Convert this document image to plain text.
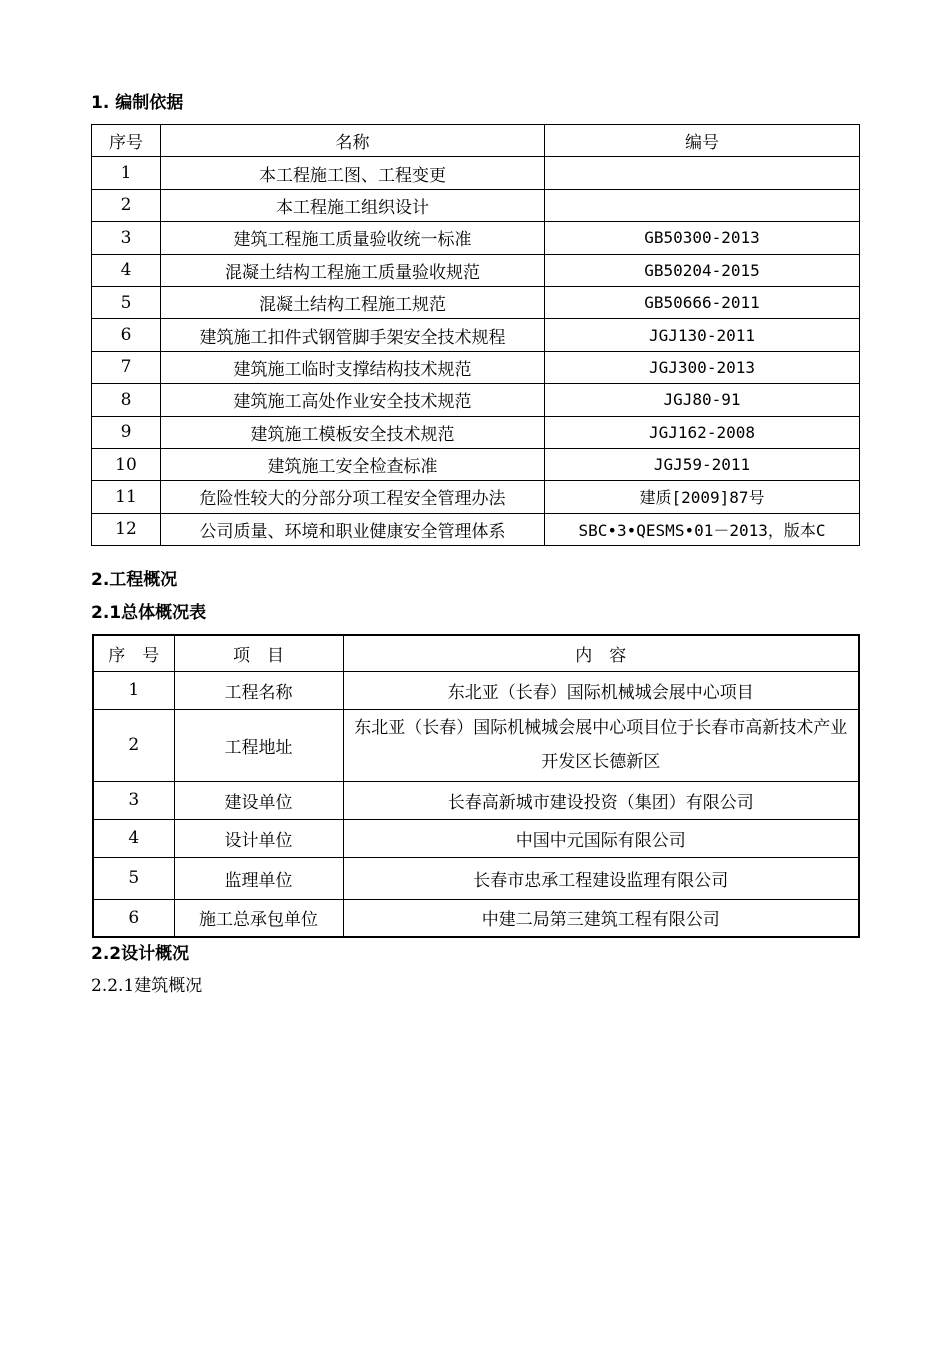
1. 编制依据
序号	名称	编号
1	本工程施工图、工程变更	
2	本工程施工组织设计	
3	建筑工程施工质量验收统一标准	GB50300-2013
4	混凝土结构工程施工质量验收规范	GB50204-2015
5	混凝土结构工程施工规范	GB50666-2011
6	建筑施工扣件式钢管脚手架安全技术规程	JGJ130-2011
7	建筑施工临时支撑结构技术规范	JGJ300-2013
8	建筑施工高处作业安全技术规范	JGJ80-91
9	建筑施工模板安全技术规范	JGJ162-2008
10	建筑施工安全检查标准	JGJ59-2011
11	危险性较大的分部分项工程安全管理办法	建质[2009]87号
12	公司质量、环境和职业健康安全管理体系	SBC•3•QESMS•01－2013，版本C
2.工程概况
2.1总体概况表
序　号	项　目	内　容
1	工程名称	东北亚（长春）国际机械城会展中心项目
2	工程地址	东北亚（长春）国际机械城会展中心项目位于长春市高新技术产业开发区长德新区
3	建设单位	长春高新城市建设投资（集团）有限公司
4	设计单位	中国中元国际有限公司
5	监理单位	长春市忠承工程建设监理有限公司
6	施工总承包单位	中建二局第三建筑工程有限公司
2.2设计概况
2.2.1建筑概况
